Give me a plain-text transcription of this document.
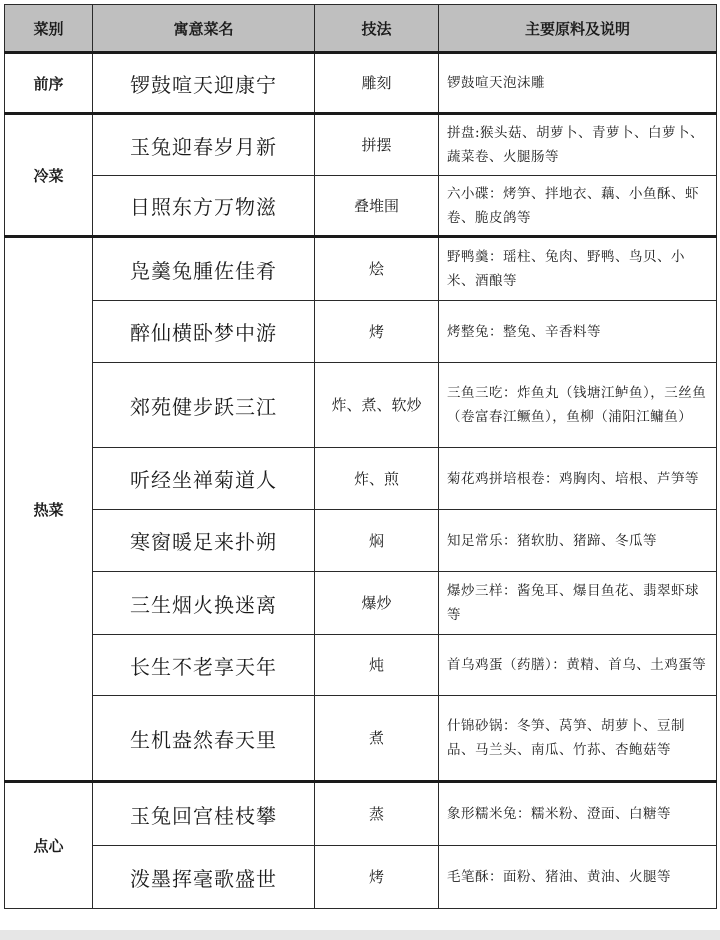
菜别	寓意菜名	技法	主要原料及说明
前序	锣鼓喧天迎康宁	雕刻	锣鼓喧天泡沫雕
冷菜	玉兔迎春岁月新	拼摆	拼盘:猴头菇、胡萝卜、青萝卜、白萝卜、蔬菜卷、火腿肠等
	日照东方万物滋	叠堆围	六小碟：烤笋、拌地衣、藕、小鱼酥、虾卷、脆皮鸽等
热菜	凫羹兔腫佐佳肴	烩	野鸭羹：瑶柱、兔肉、野鸭、鸟贝、小米、酒酿等
	醉仙横卧梦中游	烤	烤整兔：整兔、辛香料等
	郊苑健步跃三江	炸、煮、软炒	三鱼三吃：炸鱼丸（钱塘江鲈鱼），三丝鱼（卷富春江鳜鱼），鱼柳（浦阳江鳙鱼）
	听经坐禅菊道人	炸、煎	菊花鸡拼培根卷：鸡胸肉、培根、芦笋等
	寒窗暖足来扑朔	焖	知足常乐：猪软肋、猪蹄、冬瓜等
	三生烟火换迷离	爆炒	爆炒三样：酱兔耳、爆目鱼花、翡翠虾球等
	长生不老享天年	炖	首乌鸡蛋（药膳）：黄精、首乌、土鸡蛋等
	生机盎然春天里	煮	什锦砂锅：冬笋、莴笋、胡萝卜、豆制品、马兰头、南瓜、竹荪、杏鲍菇等
点心	玉兔回宫桂枝攀	蒸	象形糯米兔：糯米粉、澄面、白糖等
	泼墨挥毫歌盛世	烤	毛笔酥：面粉、猪油、黄油、火腿等
